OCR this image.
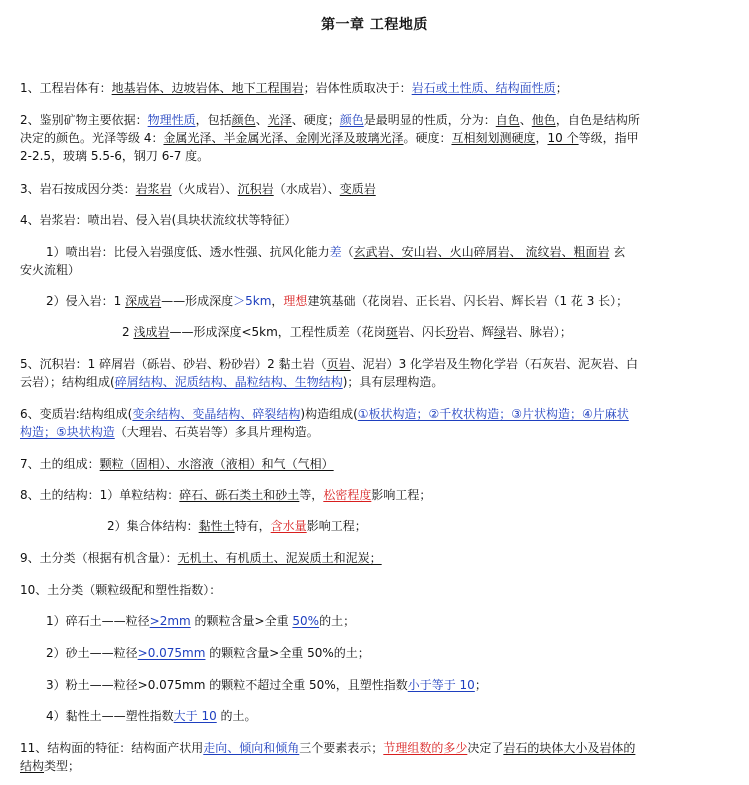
第一章 工程地质
1、工程岩体有：地基岩体、边坡岩体、地下工程围岩；岩体性质取决于：岩石或土性质、结构面性质；
2、鉴别矿物主要依据：物理性质，包括颜色、光泽、硬度；颜色是最明显的性质，分为：自色、他色，自色是结构所
决定的颜色。光泽等级 4：金属光泽、半金属光泽、金刚光泽及玻璃光泽。硬度：互相刻划测硬度，10 个等级，指甲
2-2.5，玻璃 5.5-6，钢刀 6-7 度。
3、岩石按成因分类：岩浆岩（火成岩）、沉积岩（水成岩）、变质岩
4、岩浆岩：喷出岩、侵入岩(具块状流纹状等特征）
1）喷出岩：比侵入岩强度低、透水性强、抗风化能力差（玄武岩、安山岩、火山碎屑岩、 流纹岩、粗面岩 玄
安火流粗）
2）侵入岩：1 深成岩——形成深度＞5km，理想建筑基础（花岗岩、正长岩、闪长岩、辉长岩（1 花 3 长）；
2 浅成岩——形成深度<5km，工程性质差（花岗斑岩、闪长玢岩、辉绿岩、脉岩）；
5、沉积岩：1 碎屑岩（砾岩、砂岩、粉砂岩）2 黏土岩（页岩、泥岩）3 化学岩及生物化学岩（石灰岩、泥灰岩、白
云岩）；结构组成(碎屑结构、泥质结构、晶粒结构、生物结构)；具有层理构造。
6、变质岩:结构组成(变余结构、变晶结构、碎裂结构)构造组成(①板状构造；②千枚状构造；③片状构造；④片麻状
构造；⑤块状构造（大理岩、石英岩等）多具片理构造。
7、土的组成：颗粒（固相）、水溶液（液相）和气（气相）
8、土的结构：1）单粒结构：碎石、砾石类土和砂土等，松密程度影响工程；
2）集合体结构：黏性土特有，含水量影响工程；
9、土分类（根据有机含量）：无机土、有机质土、泥炭质土和泥炭；
10、土分类（颗粒级配和塑性指数）：
1）碎石土——粒径>2mm 的颗粒含量>全重 50%的土；
2）砂土——粒径>0.075mm 的颗粒含量>全重 50%的土；
3）粉土——粒径>0.075mm 的颗粒不超过全重 50%，且塑性指数小于等于 10；
4）黏性土——塑性指数大于 10 的土。
11、结构面的特征：结构面产状用走向、倾向和倾角三个要素表示；节理组数的多少决定了岩石的块体大小及岩体的
结构类型；
